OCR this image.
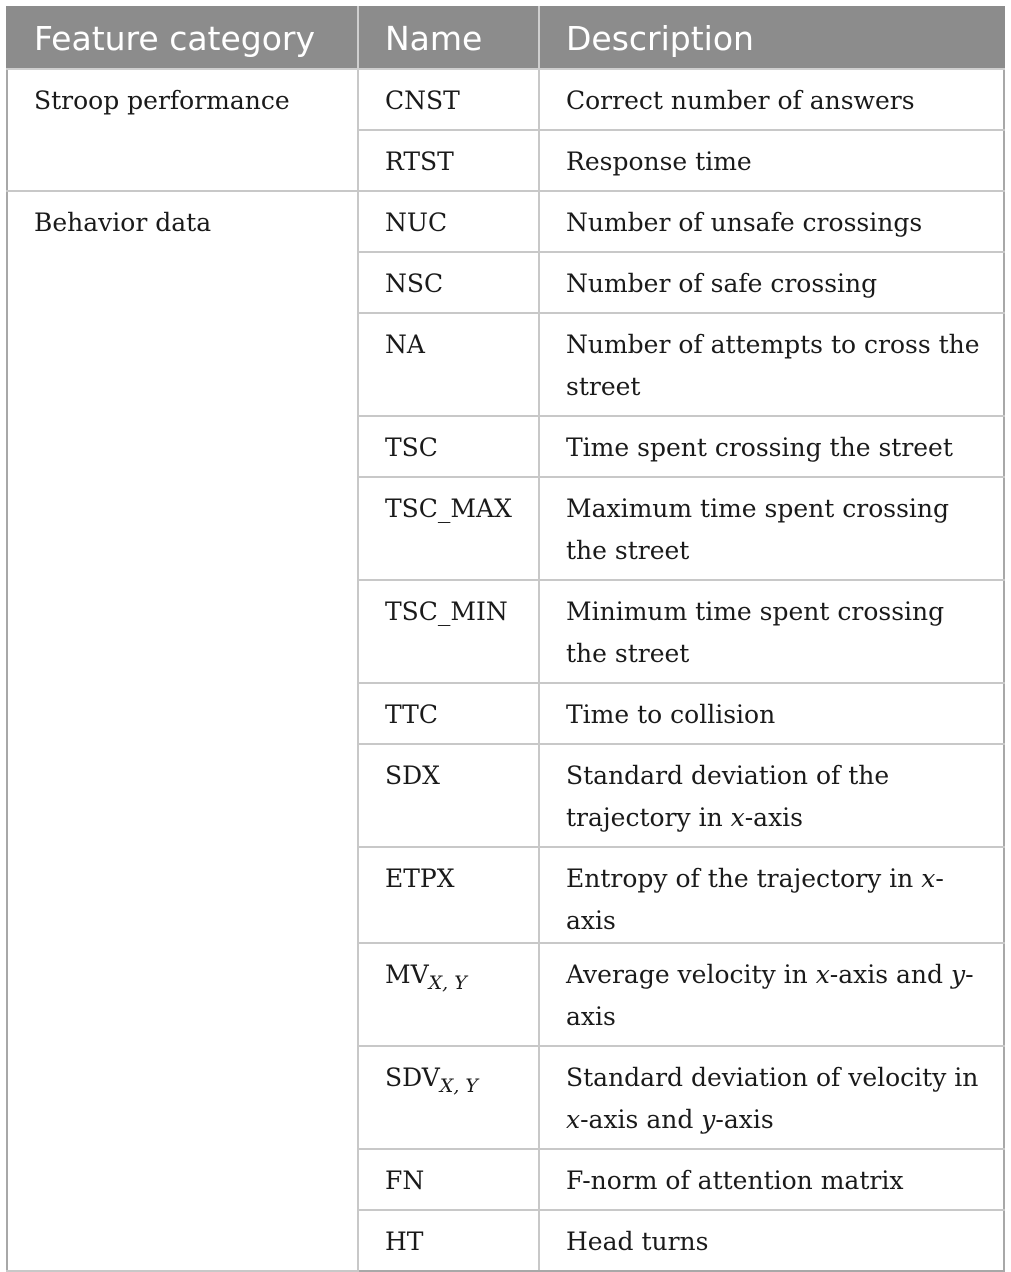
Feature category	Name	Description
Stroop performance	CNST	Correct number of answers
	RTST	Response time
Behavior data	NUC	Number of unsafe crossings
	NSC	Number of safe crossing
	NA	Number of attempts to cross the street
	TSC	Time spent crossing the street
	TSC_MAX	Maximum time spent crossing the street
	TSC_MIN	Minimum time spent crossing the street
	TTC	Time to collision
	SDX	Standard deviation of the trajectory in x-axis
	ETPX	Entropy of the trajectory in x-axis
	$MV_{X, Y}$	Average velocity in x-axis and y-axis
	$SDV_{X, Y}$	Standard deviation of velocity in x-axis and y-axis
	FN	F-norm of attention matrix
	HT	Head turns
